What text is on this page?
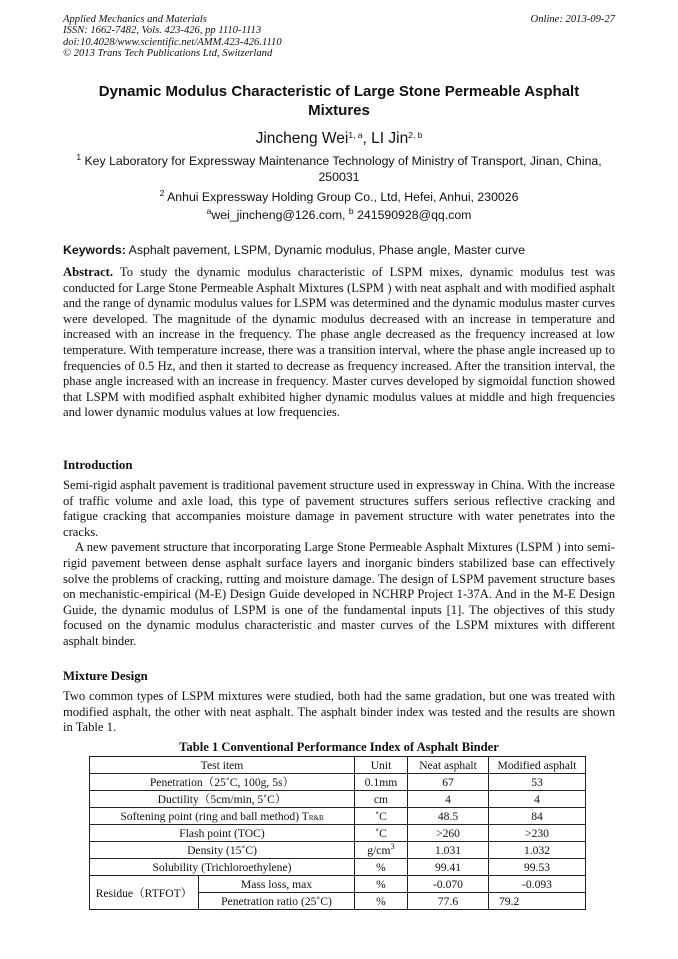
Applied Mechanics and Materials
ISSN: 1662-7482, Vols. 423-426, pp 1110-1113
doi:10.4028/www.scientific.net/AMM.423-426.1110
© 2013 Trans Tech Publications Ltd, Switzerland
Online: 2013-09-27
Dynamic Modulus Characteristic of Large Stone Permeable Asphalt Mixtures
Jincheng Wei$^{1, a}$, LI Jin$^{2, b}$
$^1$ Key Laboratory for Expressway Maintenance Technology of Ministry of Transport, Jinan, China, 250031
$^2$ Anhui Expressway Holding Group Co., Ltd, Hefei, Anhui, 230026
$^a$wei_jincheng@126.com, $^b$ 241590928@qq.com
Keywords: Asphalt pavement, LSPM, Dynamic modulus, Phase angle, Master curve

Abstract. To study the dynamic modulus characteristic of LSPM mixes, dynamic modulus test was conducted for Large Stone Permeable Asphalt Mixtures (LSPM ) with neat asphalt and with modified asphalt and the range of dynamic modulus values for LSPM was determined and the dynamic modulus master curves were developed. The magnitude of the dynamic modulus decreased with an increase in temperature and increased with an increase in the frequency. The phase angle decreased as the frequency increased at low temperature. With temperature increase, there was a transition interval, where the phase angle increased up to frequencies of 0.5 Hz, and then it started to decrease as frequency increased. After the transition interval, the phase angle increased with an increase in frequency. Master curves developed by sigmoidal function showed that LSPM with modified asphalt exhibited higher dynamic modulus values at middle and high frequencies and lower dynamic modulus values at low frequencies.

Introduction

Semi-rigid asphalt pavement is traditional pavement structure used in expressway in China. With the increase of traffic volume and axle load, this type of pavement structures suffers serious reflective cracking and fatigue cracking that accompanies moisture damage in pavement structure with water penetrates into the cracks.

A new pavement structure that incorporating Large Stone Permeable Asphalt Mixtures (LSPM ) into semi-rigid pavement between dense asphalt surface layers and inorganic binders stabilized base can effectively solve the problems of cracking, rutting and moisture damage. The design of LSPM pavement structure bases on mechanistic-empirical (M-E) Design Guide developed in NCHRP Project 1-37A. And in the M-E Design Guide, the dynamic modulus of LSPM is one of the fundamental inputs [1]. The objectives of this study focused on the dynamic modulus characteristic and master curves of the LSPM mixtures with different asphalt binder.

Mixture Design

Two common types of LSPM mixtures were studied, both had the same gradation, but one was treated with modified asphalt, the other with neat asphalt. The asphalt binder index was tested and the results are shown in Table 1.

Table 1 Conventional Performance Index of Asphalt Binder
Test item		Unit	Neat asphalt	Modified asphalt
Penetration（25˚C, 100g, 5s）		0.1mm	67	53
Ductility（5cm/min, 5˚C）		cm	4	4
Softening point (ring and ball method) TR&B		˚C	48.5	84
Flash point (TOC)		˚C	>260	>230
Density (15˚C)		$g/cm^3$	1.031	1.032
Solubility (Trichloroethylene)		%	99.41	99.53
Residue（RTFOT）	Mass loss, max	%	-0.070	-0.093
	Penetration ratio (25˚C)	%	77.6	79.2
